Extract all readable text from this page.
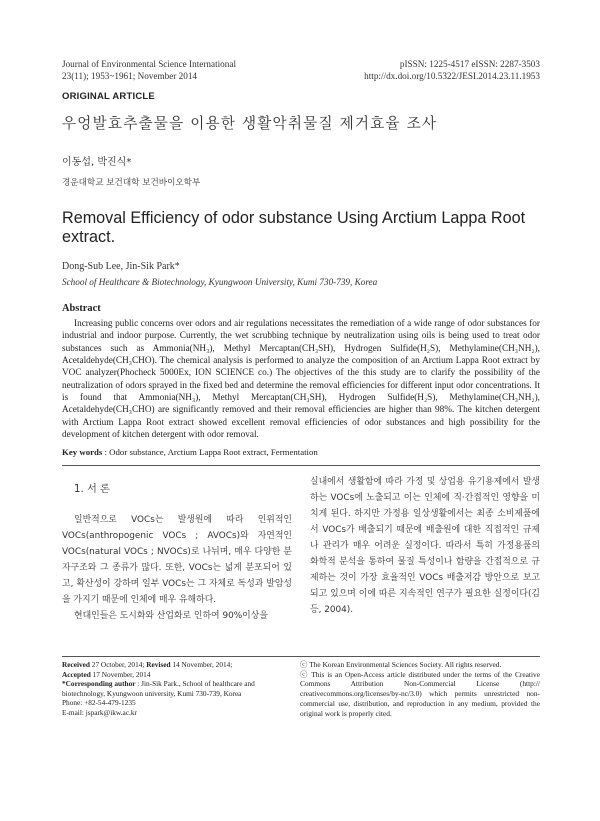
Journal of Environmental Science International
23(11); 1953~1961; November 2014
pISSN: 1225-4517 eISSN: 2287-3503
http://dx.doi.org/10.5322/JESI.2014.23.11.1953
ORIGINAL ARTICLE
우엉발효추출물을 이용한 생활악취물질 제거효율 조사
이동섭, 박진식*
경운대학교 보건대학 보건바이오학부
Removal Efficiency of odor substance Using Arctium Lappa Root extract.
Dong-Sub Lee, Jin-Sik Park*
School of Healthcare & Biotechnology, Kyungwoon University, Kumi 730-739, Korea
Abstract
Increasing public concerns over odors and air regulations necessitates the remediation of a wide range of odor substances for industrial and indoor purpose. Currently, the wet scrubbing technique by neutralization using oils is being used to treat odor substances such as Ammonia(NH₃), Methyl Mercaptan(CH₃SH), Hydrogen Sulfide(H₂S), Methylamine(CH₃NH₂), Acetaldehyde(CH₃CHO). The chemical analysis is performed to analyze the composition of an Arctium Lappa Root extract by VOC analyzer(Phocheck 5000Ex, ION SCIENCE co.) The objectives of the this study are to clarify the possibility of the neutralization of odors sprayed in the fixed bed and determine the removal efficiencies for different input odor concentrations. It is found that Ammonia(NH₃), Methyl Mercaptan(CH₃SH), Hydrogen Sulfide(H₂S), Methylamine(CH₃NH₂), Acetaldehyde(CH₃CHO) are significantly removed and their removal efficiencies are higher than 98%. The kitchen detergent with Arctium Lappa Root extract showed excellent removal efficiencies of odor substances and high possibility for the development of kitchen detergent with odor removal.
Key words : Odor substance, Arctium Lappa Root extract, Fermentation
1. 서 론

일반적으로 VOCs는 발생원에 따라 인위적인 VOCs(anthropogenic VOCs ; AVOCs)와 자연적인 VOCs(natural VOCs ; NVOCs)로 나뉘며, 매우 다양한 분자구조와 그 종류가 많다. 또한, VOCs는 넓게 분포되어 있고, 확산성이 강하며 일부 VOCs는 그 자체로 독성과 발암성을 가지기 때문에 인체에 매우 유해하다.

현대인들은 도시화와 산업화로 인하여 90%이상을

실내에서 생활함에 따라 가정 및 상업용 유기용제에서 발생하는 VOCs에 노출되고 이는 인체에 직·간접적인 영향을 미치게 된다. 하지만 가정용 일상생활에서는 최종 소비제품에서 VOCs가 배출되기 때문에 배출원에 대한 직접적인 규제나 관리가 매우 어려운 실정이다. 따라서 특히 가정용품의 화학적 분석을 통하여 물질 특성이나 함량을 간접적으로 규제하는 것이 가장 효율적인 VOCs 배출저감 방안으로 보고되고 있으며 이에 따른 지속적인 연구가 필요한 실정이다(김 등, 2004).

Received 27 October, 2014; Revised 14 November, 2014;
Accepted 17 November, 2014
*Corresponding author : Jin-Sik Park., School of healthcare and biotechnology, Kyungwoon university, Kumi 730-739, Korea
Phone: +82-54-479-1235
E-mail: jspark@ikw.ac.kr
ⓒ The Korean Environmental Sciences Society. All rights reserved.
ⓒ This is an Open-Access article distributed under the terms of the Creative Commons Attribution Non-Commercial License (http:// creativecommons.org/licenses/by-nc/3.0) which permits unrestricted non-commercial use, distribution, and reproduction in any medium, provided the original work is properly cited.
